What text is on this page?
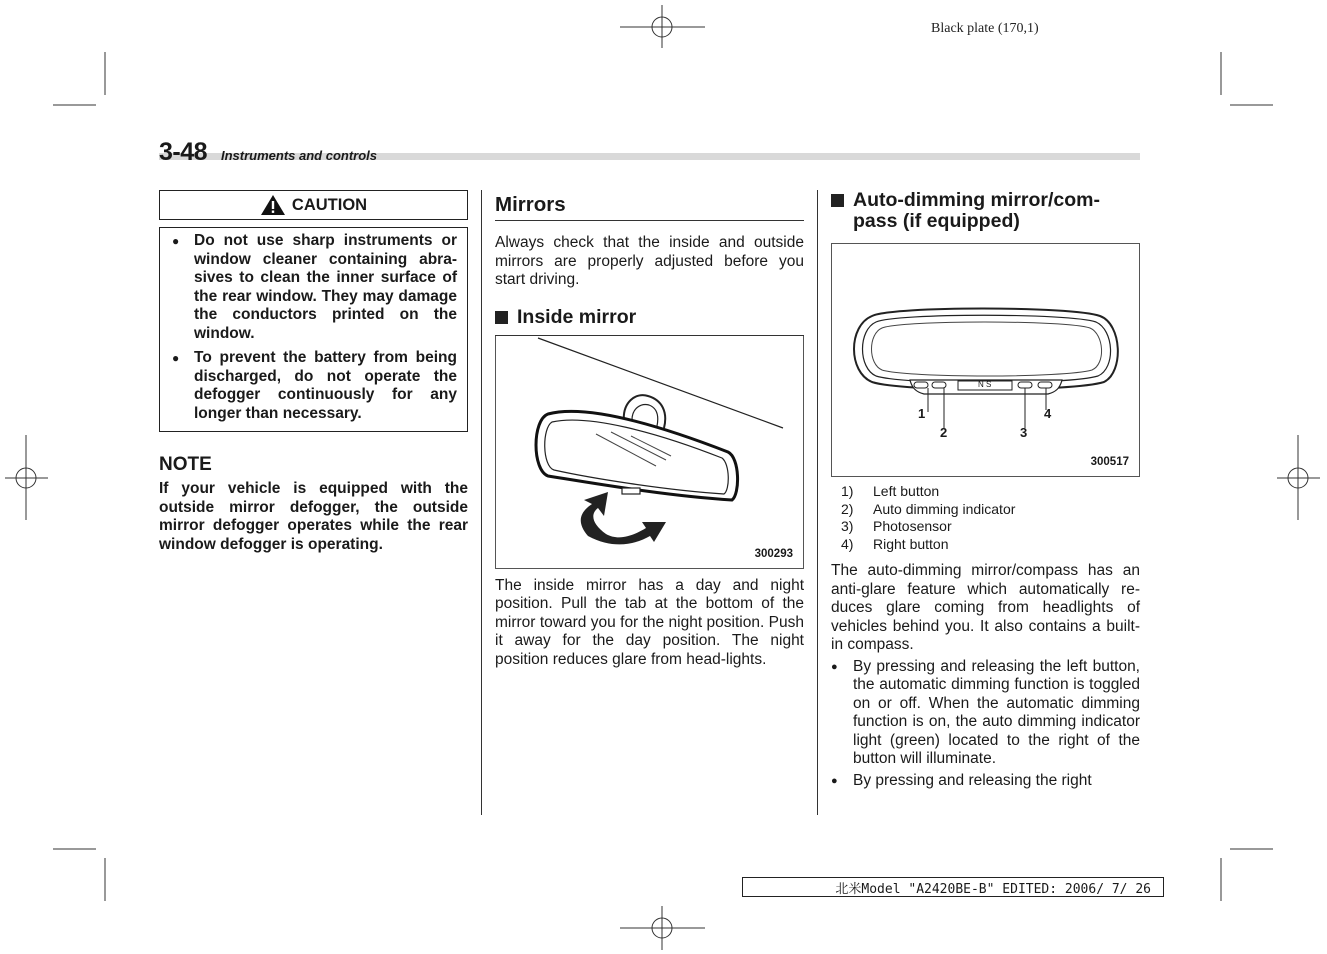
Black plate (170,1)
3-48 Instruments and controls
CAUTION
● Do not use sharp instruments or window cleaner containing abra-sives to clean the inner surface of the rear window. They may damage the conductors printed on the window.
● To prevent the battery from being discharged, do not operate the defogger continuously for any longer than necessary.
NOTE
If your vehicle is equipped with the outside mirror defogger, the outside mirror defogger operates while the rear window defogger is operating.
Mirrors
Always check that the inside and outside mirrors are properly adjusted before you start driving.
Inside mirror
300293
The inside mirror has a day and night position. Pull the tab at the bottom of the mirror toward you for the night position. Push it away for the day position. The night position reduces glare from head-lights.
Auto-dimming mirror/com-
pass (if equipped)
N S
1
2	3
4
300517
1)	Left button
2)	Auto dimming indicator
3)	Photosensor
4)	Right button
The auto-dimming mirror/compass has an anti-glare feature which automatically re-duces glare coming from headlights of vehicles behind you. It also contains a built-in compass.
● By pressing and releasing the left button, the automatic dimming function is toggled on or off. When the automatic dimming function is on, the auto dimming indicator light (green) located to the right of the button will illuminate.
● By pressing and releasing the right
北米Model "A2420BE-B" EDITED: 2006/ 7/ 26
